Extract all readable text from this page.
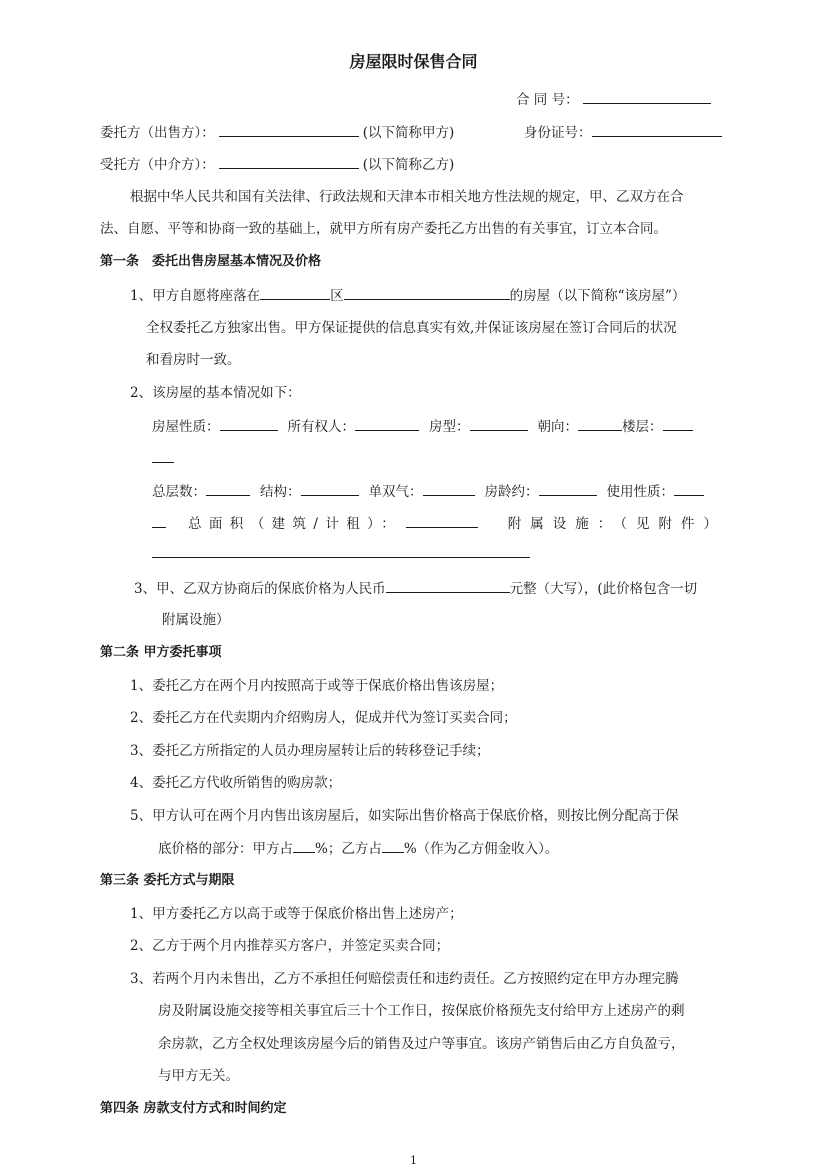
房屋限时保售合同
合 同 号：
委托方（出售方）：	(以下简称甲方)	身份证号：
受托方（中介方）：	(以下简称乙方)
根据中华人民共和国有关法律、行政法规和天津本市相关地方性法规的规定，甲、乙双方在合
法、自愿、平等和协商一致的基础上，就甲方所有房产委托乙方出售的有关事宜，订立本合同。
第一条　委托出售房屋基本情况及价格
1、甲方自愿将座落在	区	的房屋（以下简称“该房屋”）
全权委托乙方独家出售。甲方保证提供的信息真实有效,并保证该房屋在签订合同后的状况
和看房时一致。
2、该房屋的基本情况如下：
房屋性质：	所有权人：	房型：	朝向：	楼层：
总层数：	结构：	单双气：	房龄约：	使用性质：
总面积（建筑/计租）：	附属设施：（见附件）
3、甲、乙双方协商后的保底价格为人民币	元整（大写），(此价格包含一切
附属设施）
第二条 甲方委托事项
1、委托乙方在两个月内按照高于或等于保底价格出售该房屋；
2、委托乙方在代卖期内介绍购房人，促成并代为签订买卖合同；
3、委托乙方所指定的人员办理房屋转让后的转移登记手续；
4、委托乙方代收所销售的购房款；
5、甲方认可在两个月内售出该房屋后，如实际出售价格高于保底价格，则按比例分配高于保
底价格的部分：甲方占 %；乙方占 %（作为乙方佣金收入）。
第三条 委托方式与期限
1、甲方委托乙方以高于或等于保底价格出售上述房产；
2、乙方于两个月内推荐买方客户，并签定买卖合同；
3、若两个月内未售出，乙方不承担任何赔偿责任和违约责任。乙方按照约定在甲方办理完腾
房及附属设施交接等相关事宜后三十个工作日，按保底价格预先支付给甲方上述房产的剩
余房款，乙方全权处理该房屋今后的销售及过户等事宜。该房产销售后由乙方自负盈亏，
与甲方无关。
第四条 房款支付方式和时间约定
1
